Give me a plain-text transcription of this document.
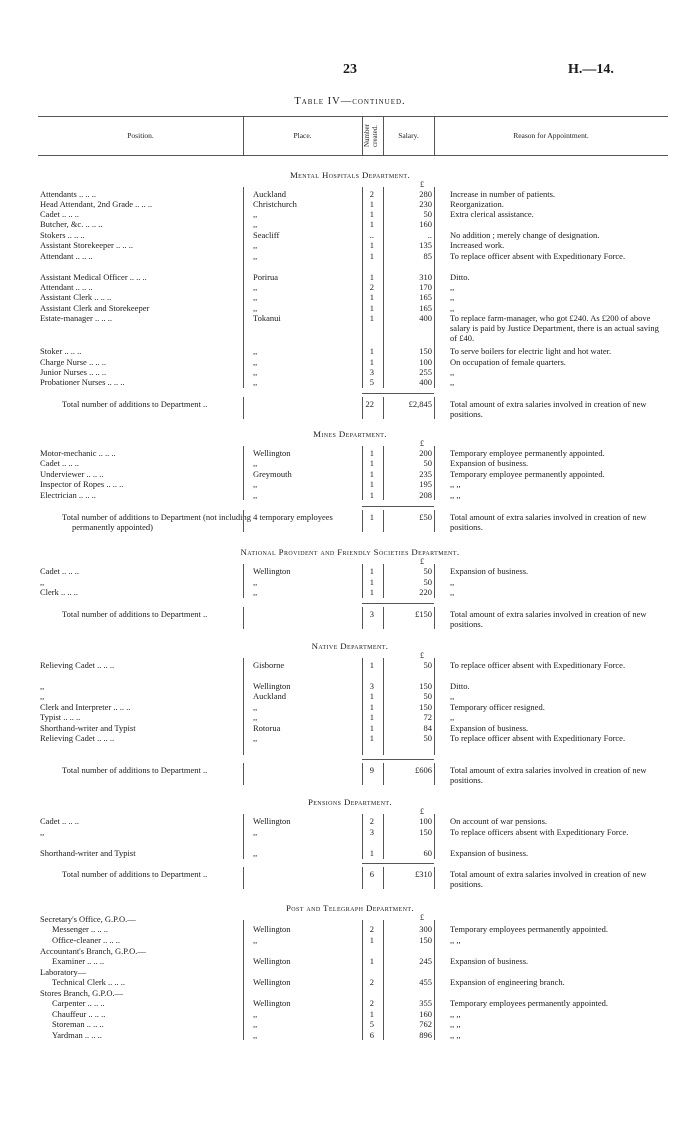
23	H.—14.
Table IV—continued.
Position.	Place.	Number created.	Salary.	Reason for Appointment.
Mental Hospitals Department.
£
Attendants .. .. ..	Auckland	2	280 Increase in number of patients.
Head Attendant, 2nd Grade .. .. ..	Christchurch	1	230 Reorganization.
Cadet .. .. ..	,,	1	50 Extra clerical assistance.
Butcher, &c. .. .. ..	,,	1	160
Stokers .. .. ..	Seacliff	..	.. No addition ; merely change of designation.
Assistant Storekeeper .. .. ..	,,	1	135 Increased work.
Attendant .. .. ..	,,	1	85 To replace officer absent with Expeditionary Force.
Assistant Medical Officer .. .. ..	Porirua	1	310 Ditto.
Attendant .. .. ..	,,	2	170 ,,
Assistant Clerk .. .. ..	,,	1	165 ,,
Assistant Clerk and Storekeeper	,,	1	165 ,,
Estate-manager .. .. ..	Tokanui	1	400 To replace farm-manager, who got £240. As £200 of above salary is paid by Justice Department, there is an actual saving of £40.
Stoker .. .. ..	,,	1	150 To serve boilers for electric light and hot water.
Charge Nurse .. .. ..	,,	1	100 On occupation of female quarters.
Junior Nurses .. .. ..	,,	3	255 ,,
Probationer Nurses .. .. ..	,,	5	400 ,,
Total number of additions to Department ..	22	£2,845 Total amount of extra salaries involved in creation of new positions.
Mines Department.
£
Motor-mechanic .. .. ..	Wellington	1	200 Temporary employee permanently appointed.
Cadet .. .. ..	,,	1	50 Expansion of business.
Underviewer .. .. ..	Greymouth	1	235 Temporary employee permanently appointed.
Inspector of Ropes .. .. ..	,,	1	195 ,, ,,
Electrician .. .. ..	,,	1	208 ,, ,,
Total number of additions to Department (not including 4 temporary employees permanently appointed)
1	£50 Total amount of extra salaries involved in creation of new positions.
National Provident and Friendly Societies Department.
£
Cadet .. .. ..	Wellington	1	50 Expansion of business.
,,	,,	1	50 ,,
Clerk .. .. ..	,,	1	220 ,,
Total number of additions to Department ..	3	£150 Total amount of extra salaries involved in creation of new positions.
Native Department.
£
Relieving Cadet .. .. ..	Gisborne	1	50 To replace officer absent with Expeditionary Force.
,,	Wellington	3	150 Ditto.
,,	Auckland	1	50 ,,
Clerk and Interpreter .. .. ..	,,	1	150 Temporary officer resigned.
Typist .. .. ..	,,	1	72 ,,
Shorthand-writer and Typist	Rotorua	1	84 Expansion of business.
Relieving Cadet .. .. ..	,,	1	50 To replace officer absent with Expeditionary Force.
Total number of additions to Department ..	9	£606 Total amount of extra salaries involved in creation of new positions.
Pensions Department.
£
Cadet .. .. ..	Wellington	2	100 On account of war pensions.
,,	,,	3	150 To replace officers absent with Expeditionary Force.
Shorthand-writer and Typist	,,	1	60 Expansion of business.
Total number of additions to Department ..	6	£310 Total amount of extra salaries involved in creation of new positions.
Post and Telegraph Department.
£
Secretary's Office, G.P.O.—
Messenger .. .. ..	Wellington	2	300 Temporary employees permanently appointed.
Office-cleaner .. .. ..	,,	1	150 ,, ,,
Accountant's Branch, G.P.O.—
Examiner .. .. ..	Wellington	1	245 Expansion of business.
Laboratory—
Technical Clerk .. .. ..	Wellington	2	455 Expansion of engineering branch.
Stores Branch, G.P.O.—
Carpenter .. .. ..	Wellington	2	355 Temporary employees permanently appointed.
Chauffeur .. .. ..	,,	1	160 ,, ,,
Storeman .. .. ..	,,	5	762 ,, ,,
Yardman .. .. ..	,,	6	896 ,, ,,
